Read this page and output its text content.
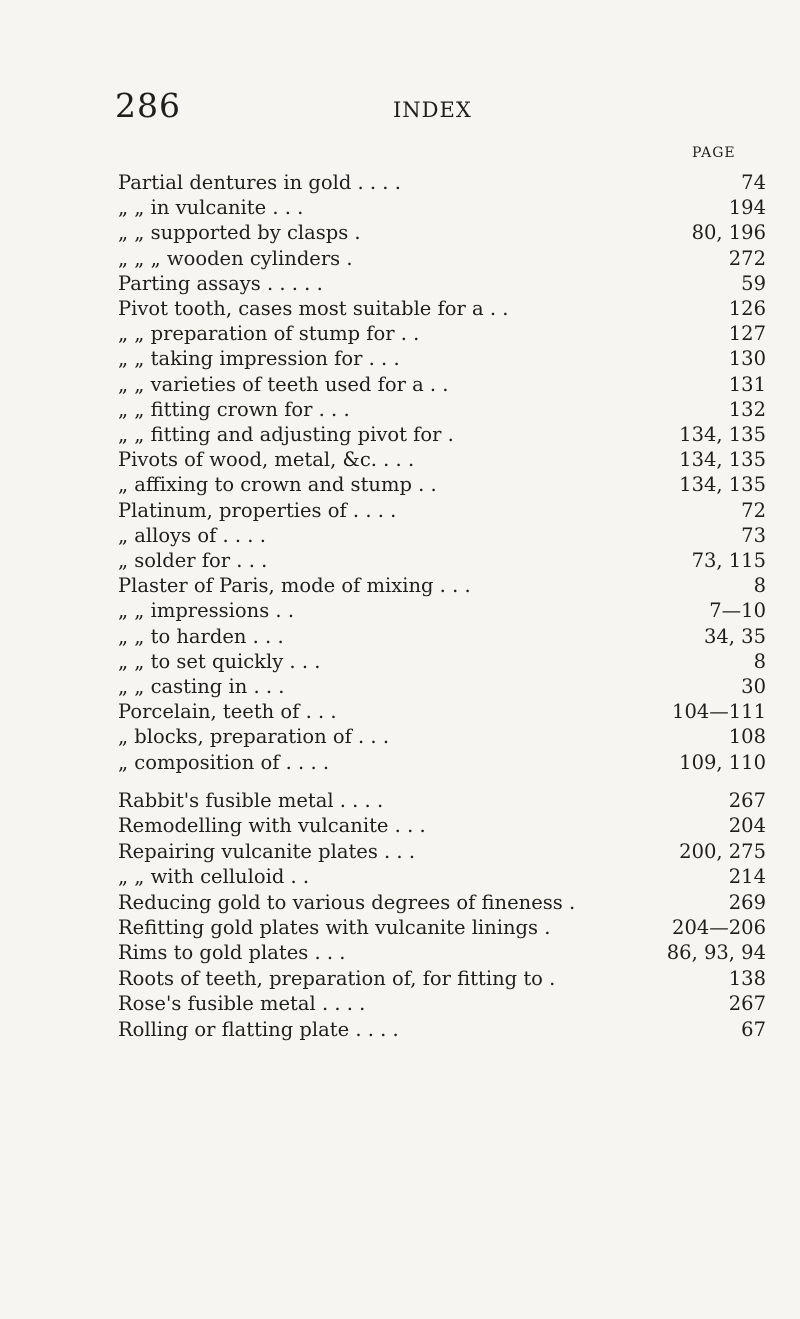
286	INDEX
PAGE
Partial dentures in gold . . . .	74
„ „ in vulcanite . . .	194
„ „ supported by clasps .	80, 196
„ „ „ wooden cylinders .	272
Parting assays . . . . .	59
Pivot tooth, cases most suitable for a . .	126
„ „ preparation of stump for . .	127
„ „ taking impression for . . .	130
„ „ varieties of teeth used for a . .	131
„ „ fitting crown for . . .	132
„ „ fitting and adjusting pivot for .	134, 135
Pivots of wood, metal, &c. . . .	134, 135
„ affixing to crown and stump . .	134, 135
Platinum, properties of . . . .	72
„ alloys of . . . .	73
„ solder for . . .	73, 115
Plaster of Paris, mode of mixing . . .	8
„ „ impressions . .	7—10
„ „ to harden . . .	34, 35
„ „ to set quickly . . .	8
„ „ casting in . . .	30
Porcelain, teeth of . . .	104—111
„ blocks, preparation of . . .	108
„ composition of . . . .	109, 110
Rabbit's fusible metal . . . .	267
Remodelling with vulcanite . . .	204
Repairing vulcanite plates . . .	200, 275
„ „ with celluloid . .	214
Reducing gold to various degrees of fineness .	269
Refitting gold plates with vulcanite linings .	204—206
Rims to gold plates . . .	86, 93, 94
Roots of teeth, preparation of, for fitting to .	138
Rose's fusible metal . . . .	267
Rolling or flatting plate . . . .	67
